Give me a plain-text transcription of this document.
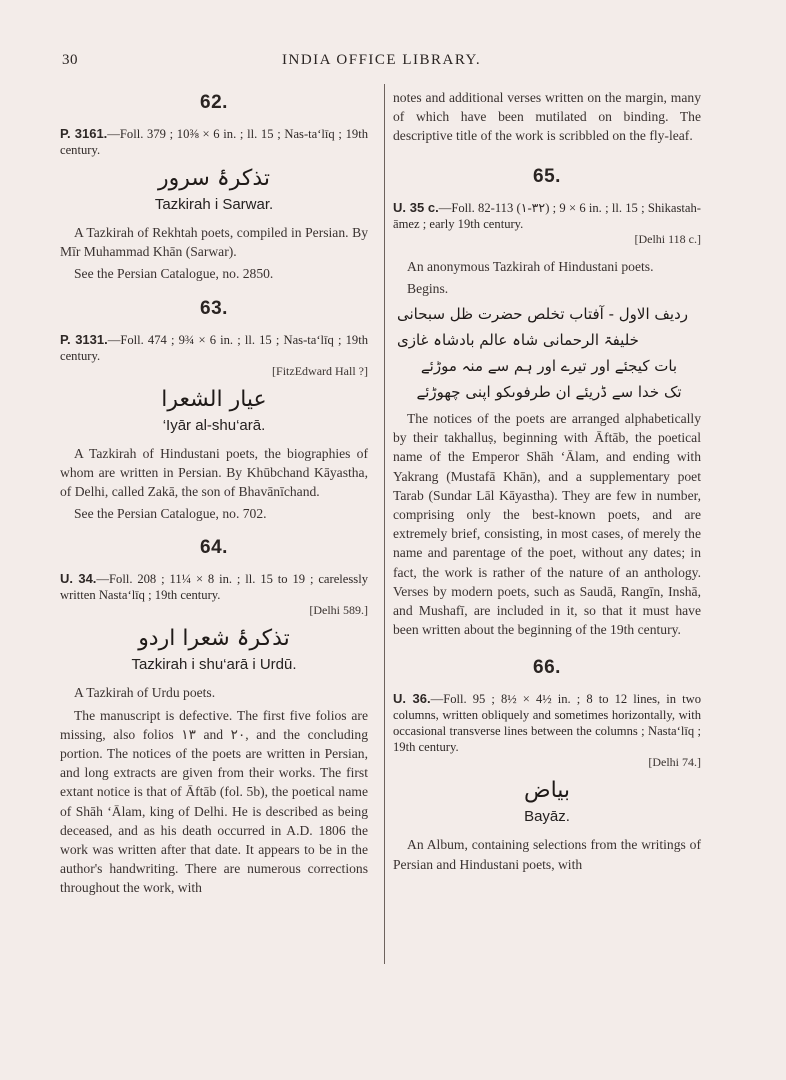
30	INDIA OFFICE LIBRARY.
62.
P. 3161.—Foll. 379 ; 10⅜ × 6 in. ; ll. 15 ; Nas-ta‘līq ; 19th century.
تذکرۂ سرور
Tazkirah i Sarwar.

A Tazkirah of Rekhtah poets, compiled in Persian. By Mīr Muhammad Khān (Sarwar).

See the Persian Catalogue, no. 2850.

63.
P. 3131.—Foll. 474 ; 9¾ × 6 in. ; ll. 15 ; Nas-ta‘līq ; 19th century.
[FitzEdward Hall ?]
عیار الشعرا
‘Iyār al-shu‘arā.

A Tazkirah of Hindustani poets, the biographies of whom are written in Persian. By Khūbchand Kāyastha, of Delhi, called Zakā, the son of Bhavānīchand.

See the Persian Catalogue, no. 702.

64.
U. 34.—Foll. 208 ; 11¼ × 8 in. ; ll. 15 to 19 ; carelessly written Nasta‘līq ; 19th century.
[Delhi 589.]
تذکرۂ شعرا اردو
Tazkirah i shu‘arā i Urdū.

A Tazkirah of Urdu poets.

The manuscript is defective. The first five folios are missing, also folios ۱۳ and ۲۰, and the concluding portion. The notices of the poets are written in Persian, and long extracts are given from their works. The first extant notice is that of Āftāb (fol. 5b), the poetical name of Shāh ‘Ālam, king of Delhi. He is described as being deceased, and as his death occurred in A.D. 1806 the work was written after that date. It appears to be in the author's handwriting. There are numerous corrections throughout the work, with

notes and additional verses written on the margin, many of which have been mutilated on binding. The descriptive title of the work is scribbled on the fly-leaf.

65.
U. 35 c.—Foll. 82-113 (۱-۳۲) ; 9 × 6 in. ; ll. 15 ; Shikastah-āmez ; early 19th century.
[Delhi 118 c.]

An anonymous Tazkirah of Hindustani poets.

Begins.

ردیف الاول - آفتاب تخلص حضرت ظل سبحانی
خلیفۃ الرحمانی شاہ عالم بادشاہ غازی
بات کیجئے اور تیرے اور ہم سے منہ موڑئے
تک خدا سے ڈریئے ان طرفوںکو اپنی چھوڑئے

The notices of the poets are arranged alphabetically by their takhalluṣ, beginning with Āftāb, the poetical name of the Emperor Shāh ‘Ālam, and ending with Yakrang (Mustafā Khān), and a supplementary poet Tarab (Sundar Lāl Kāyastha). They are few in number, comprising only the best-known poets, and are extremely brief, consisting, in most cases, of merely the name and parentage of the poet, without any dates; in fact, the work is rather of the nature of an anthology. Verses by modern poets, such as Saudā, Rangīn, Inshā, and Mushafī, are included in it, so that it must have been written about the beginning of the 19th century.

66.
U. 36.—Foll. 95 ; 8½ × 4½ in. ; 8 to 12 lines, in two columns, written obliquely and sometimes horizontally, with occasional transverse lines between the columns ; Nasta‘līq ; 19th century.
[Delhi 74.]
بیاض
Bayāz.

An Album, containing selections from the writings of Persian and Hindustani poets, with
